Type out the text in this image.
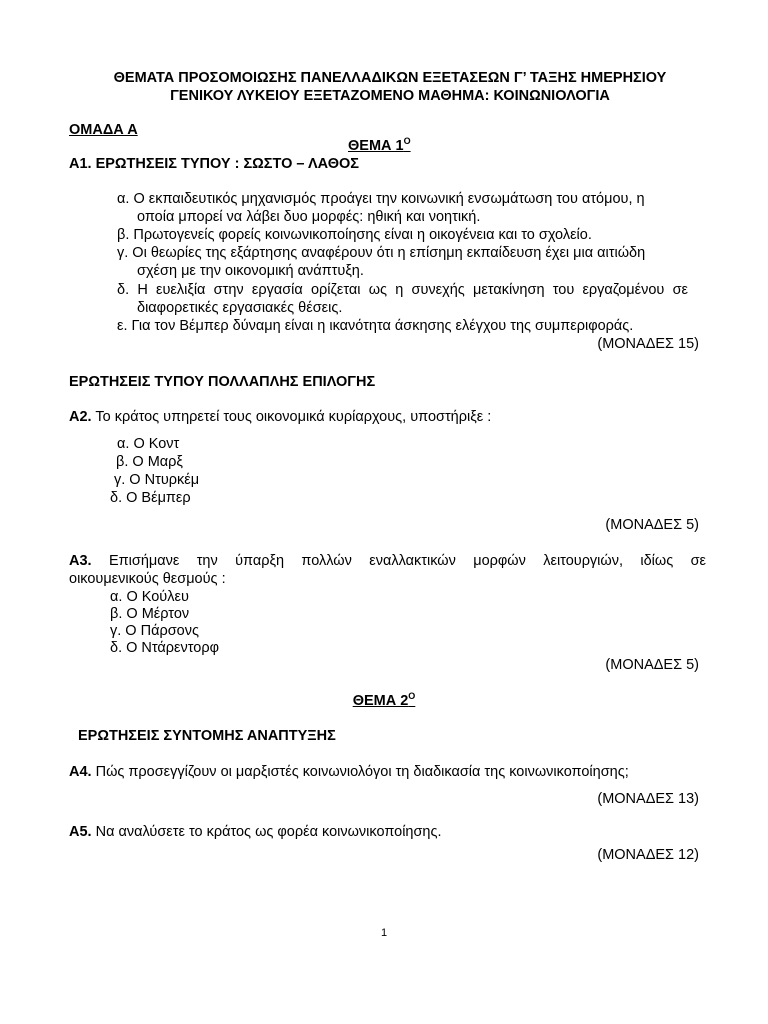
ΘΕΜΑΤΑ ΠΡΟΣΟΜΟΙΩΣΗΣ ΠΑΝΕΛΛΑΔΙΚΩΝ ΕΞΕΤΑΣΕΩΝ Γ’ ΤΑΞΗΣ ΗΜΕΡΗΣΙΟΥ
ΓΕΝΙΚΟΥ ΛΥΚΕΙΟΥ ΕΞΕΤΑΖΟΜΕΝΟ ΜΑΘΗΜΑ: ΚΟΙΝΩΝΙΟΛΟΓΙΑ
ΟΜΑΔΑ Α
ΘΕΜΑ $1^O$
Α1. ΕΡΩΤΗΣΕΙΣ ΤΥΠΟΥ : ΣΩΣΤΟ – ΛΑΘΟΣ
α. Ο εκπαιδευτικός μηχανισμός προάγει την κοινωνική ενσωμάτωση του ατόμου, η
οποία μπορεί να λάβει δυο μορφές: ηθική και νοητική.
β. Πρωτογενείς φορείς κοινωνικοποίησης είναι η οικογένεια και το σχολείο.
γ. Οι θεωρίες της εξάρτησης αναφέρουν ότι η επίσημη εκπαίδευση έχει μια αιτιώδη
σχέση με την οικονομική ανάπτυξη.
δ. Η ευελιξία στην εργασία ορίζεται ως η συνεχής μετακίνηση του εργαζομένου σε
διαφορετικές εργασιακές θέσεις.
ε. Για τον Βέμπερ δύναμη είναι η ικανότητα άσκησης ελέγχου της συμπεριφοράς.
(ΜΟΝΑΔΕΣ 15)
ΕΡΩΤΗΣΕΙΣ ΤΥΠΟΥ ΠΟΛΛΑΠΛΗΣ ΕΠΙΛΟΓΗΣ
Α2. Το κράτος υπηρετεί τους οικονομικά κυρίαρχους, υποστήριξε :
α. Ο Κοντ
β. Ο Μαρξ
γ. Ο Ντυρκέμ
δ. Ο Βέμπερ
(ΜΟΝΑΔΕΣ 5)
Α3. Επισήμανε την ύπαρξη πολλών εναλλακτικών μορφών λειτουργιών, ιδίως σε
οικουμενικούς θεσμούς :
α. Ο Κούλευ
β. Ο Μέρτον
γ. Ο Πάρσονς
δ. Ο Ντάρεντορφ
(ΜΟΝΑΔΕΣ 5)
ΘΕΜΑ $2^O$
ΕΡΩΤΗΣΕΙΣ ΣΥΝΤΟΜΗΣ ΑΝΑΠΤΥΞΗΣ
Α4. Πώς προσεγγίζουν οι μαρξιστές κοινωνιολόγοι τη διαδικασία της κοινωνικοποίησης;
(ΜΟΝΑΔΕΣ 13)
Α5. Να αναλύσετε το κράτος ως φορέα κοινωνικοποίησης.
(ΜΟΝΑΔΕΣ 12)
1
